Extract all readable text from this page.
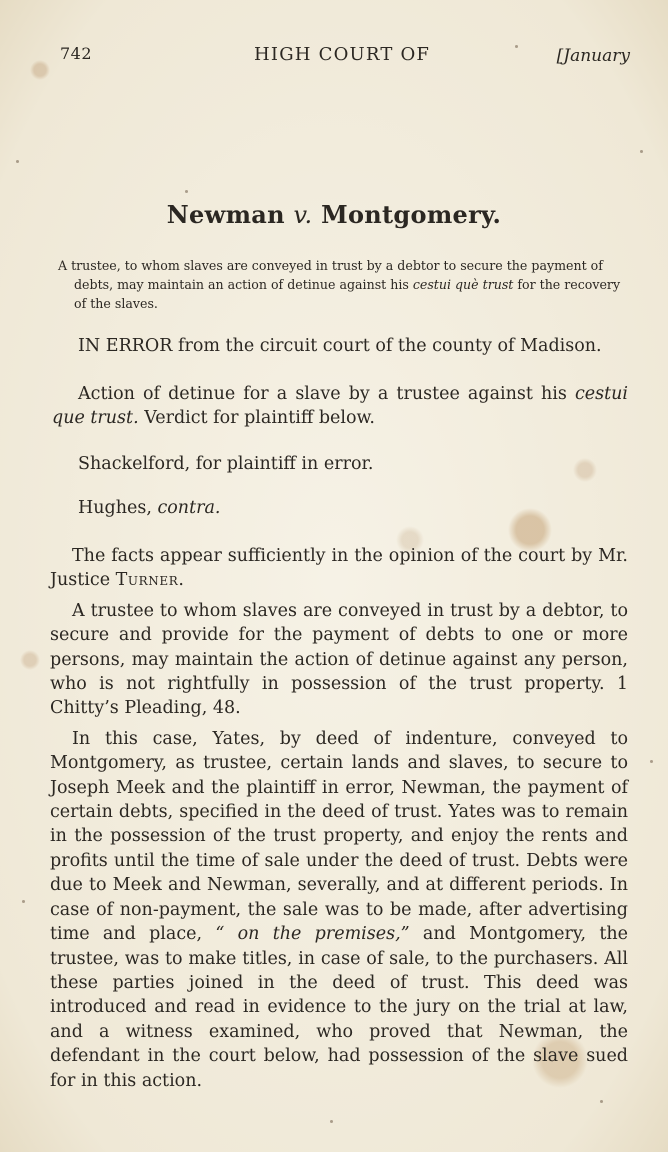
742	HIGH COURT OF	[January
Newman v. Montgomery.
A trustee, to whom slaves are conveyed in trust by a debtor to secure the payment of
debts, may maintain an action of detinue against his cestui què trust for the recovery
of the slaves.

IN ERROR from the circuit court of the county of Madison.

Action of detinue for a slave by a trustee against his cestui que trust. Verdict for plaintiff below.

Shackelford, for plaintiff in error.

Hughes, contra.

The facts appear sufficiently in the opinion of the court by Mr. Justice Turner.

A trustee to whom slaves are conveyed in trust by a debtor, to secure and provide for the payment of debts to one or more persons, may maintain the action of detinue against any person, who is not rightfully in possession of the trust property. 1 Chitty’s Pleading, 48.

In this case, Yates, by deed of indenture, conveyed to Montgomery, as trustee, certain lands and slaves, to secure to Joseph Meek and the plaintiff in error, Newman, the payment of certain debts, specified in the deed of trust. Yates was to remain in the possession of the trust property, and enjoy the rents and profits until the time of sale under the deed of trust. Debts were due to Meek and Newman, severally, and at different periods. In case of non-payment, the sale was to be made, after advertising time and place, “ on the premises,” and Montgomery, the trustee, was to make titles, in case of sale, to the purchasers. All these parties joined in the deed of trust. This deed was introduced and read in evidence to the jury on the trial at law, and a witness examined, who proved that Newman, the defendant in the court below, had possession of the slave sued for in this action.
